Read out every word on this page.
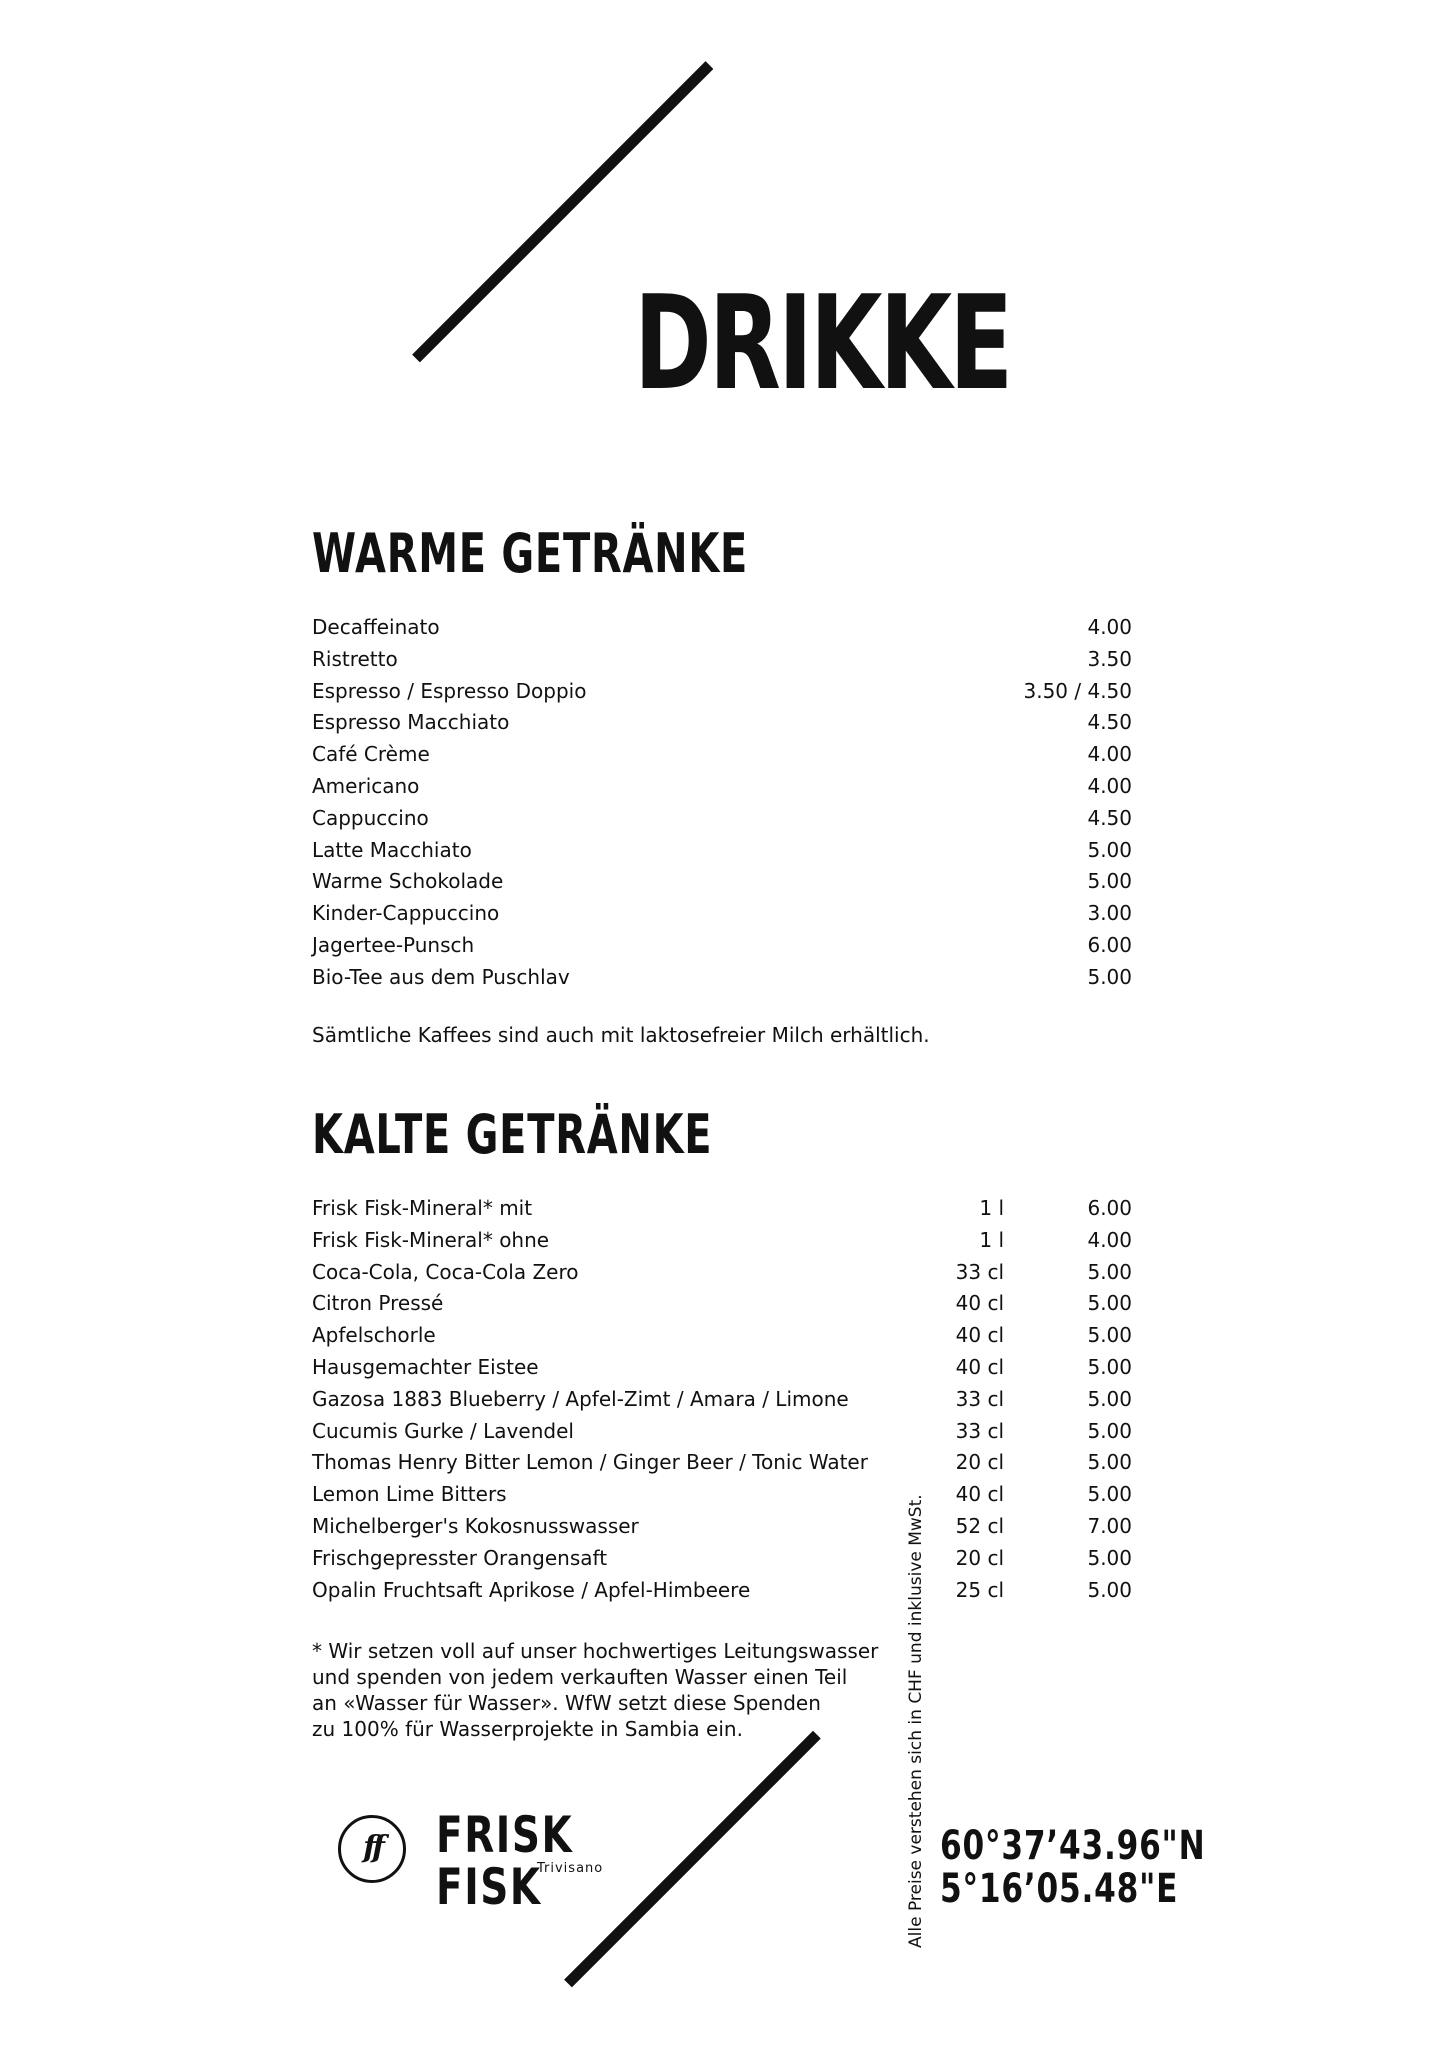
DRIKKE
WARME GETRÄNKE
Decaffeinato	4.00
Ristretto	3.50
Espresso / Espresso Doppio	3.50 / 4.50
Espresso Macchiato	4.50
Café Crème	4.00
Americano	4.00
Cappuccino	4.50
Latte Macchiato	5.00
Warme Schokolade	5.00
Kinder-Cappuccino	3.00
Jagertee-Punsch	6.00
Bio-Tee aus dem Puschlav	5.00

Sämtliche Kaffees sind auch mit laktosefreier Milch erhältlich.

KALTE GETRÄNKE
Frisk Fisk-Mineral* mit	1 l	6.00
Frisk Fisk-Mineral* ohne	1 l	4.00
Coca-Cola, Coca-Cola Zero	33 cl	5.00
Citron Pressé	40 cl	5.00
Apfelschorle	40 cl	5.00
Hausgemachter Eistee	40 cl	5.00
Gazosa 1883 Blueberry / Apfel-Zimt / Amara / Limone	33 cl	5.00
Cucumis Gurke / Lavendel	33 cl	5.00
Thomas Henry Bitter Lemon / Ginger Beer / Tonic Water	20 cl	5.00
Lemon Lime Bitters	40 cl	5.00
Michelberger's Kokosnusswasser	52 cl	7.00
Frischgepresster Orangensaft	20 cl	5.00
Opalin Fruchtsaft Aprikose / Apfel-Himbeere	25 cl	5.00

* Wir setzen voll auf unser hochwertiges Leitungswasser

und spenden von jedem verkauften Wasser einen Teil

an «Wasser für Wasser». WfW setzt diese Spenden

zu 100% für Wasserprojekte in Sambia ein.	Alle Preise verstehen sich in CHF und inklusive MwSt.
ff	FRISK
FISK
Trivisano	60°37’43.96"N
5°16’05.48"E
